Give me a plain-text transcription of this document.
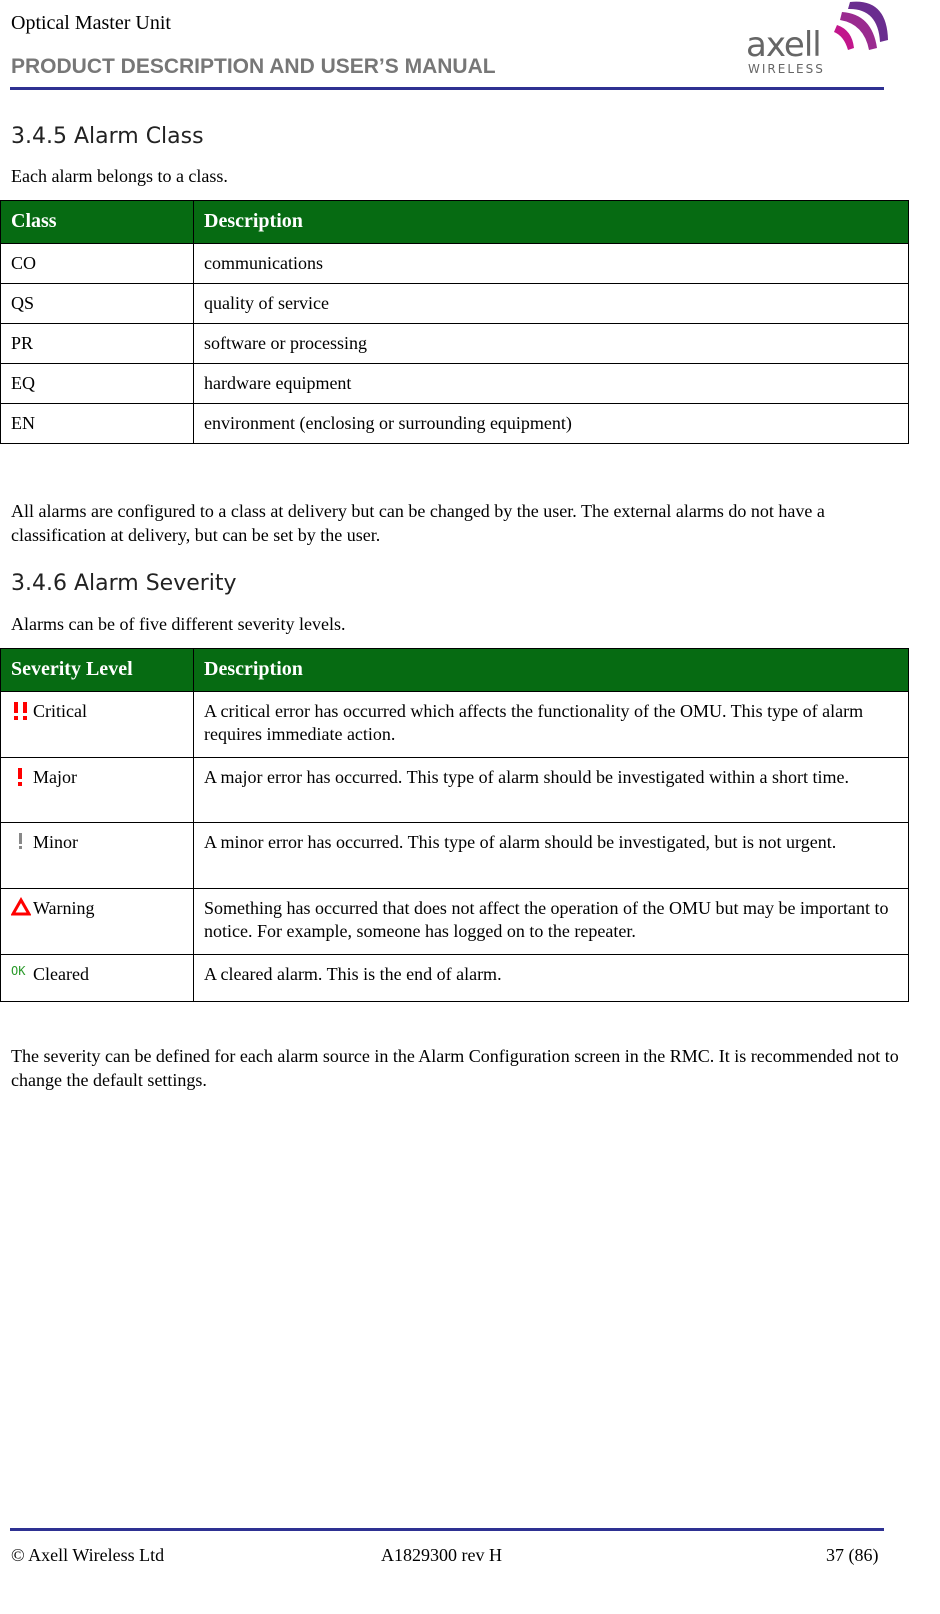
Optical Master Unit
PRODUCT DESCRIPTION AND USER’S MANUAL
axell
WIRELESS
3.4.5 Alarm Class
Each alarm belongs to a class.
Class	Description
CO	communications
QS	quality of service
PR	software or processing
EQ	hardware equipment
EN	environment (enclosing or surrounding equipment)
All alarms are configured to a class at delivery but can be changed by the user. The external alarms do not have a classification at delivery, but can be set by the user.
3.4.6 Alarm Severity
Alarms can be of five different severity levels.
Severity Level	Description
Critical	A critical error has occurred which affects the functionality of the OMU. This type of alarm requires immediate action.
Major	A major error has occurred. This type of alarm should be investigated within a short time.
Minor	A minor error has occurred. This type of alarm should be investigated, but is not urgent.
Warning	Something has occurred that does not affect the operation of the OMU but may be important to notice. For example, someone has logged on to the repeater.
OK Cleared	A cleared alarm. This is the end of alarm.
The severity can be defined for each alarm source in the Alarm Configuration screen in the RMC. It is recommended not to change the default settings.
© Axell Wireless Ltd	A1829300 rev H	37 (86)
